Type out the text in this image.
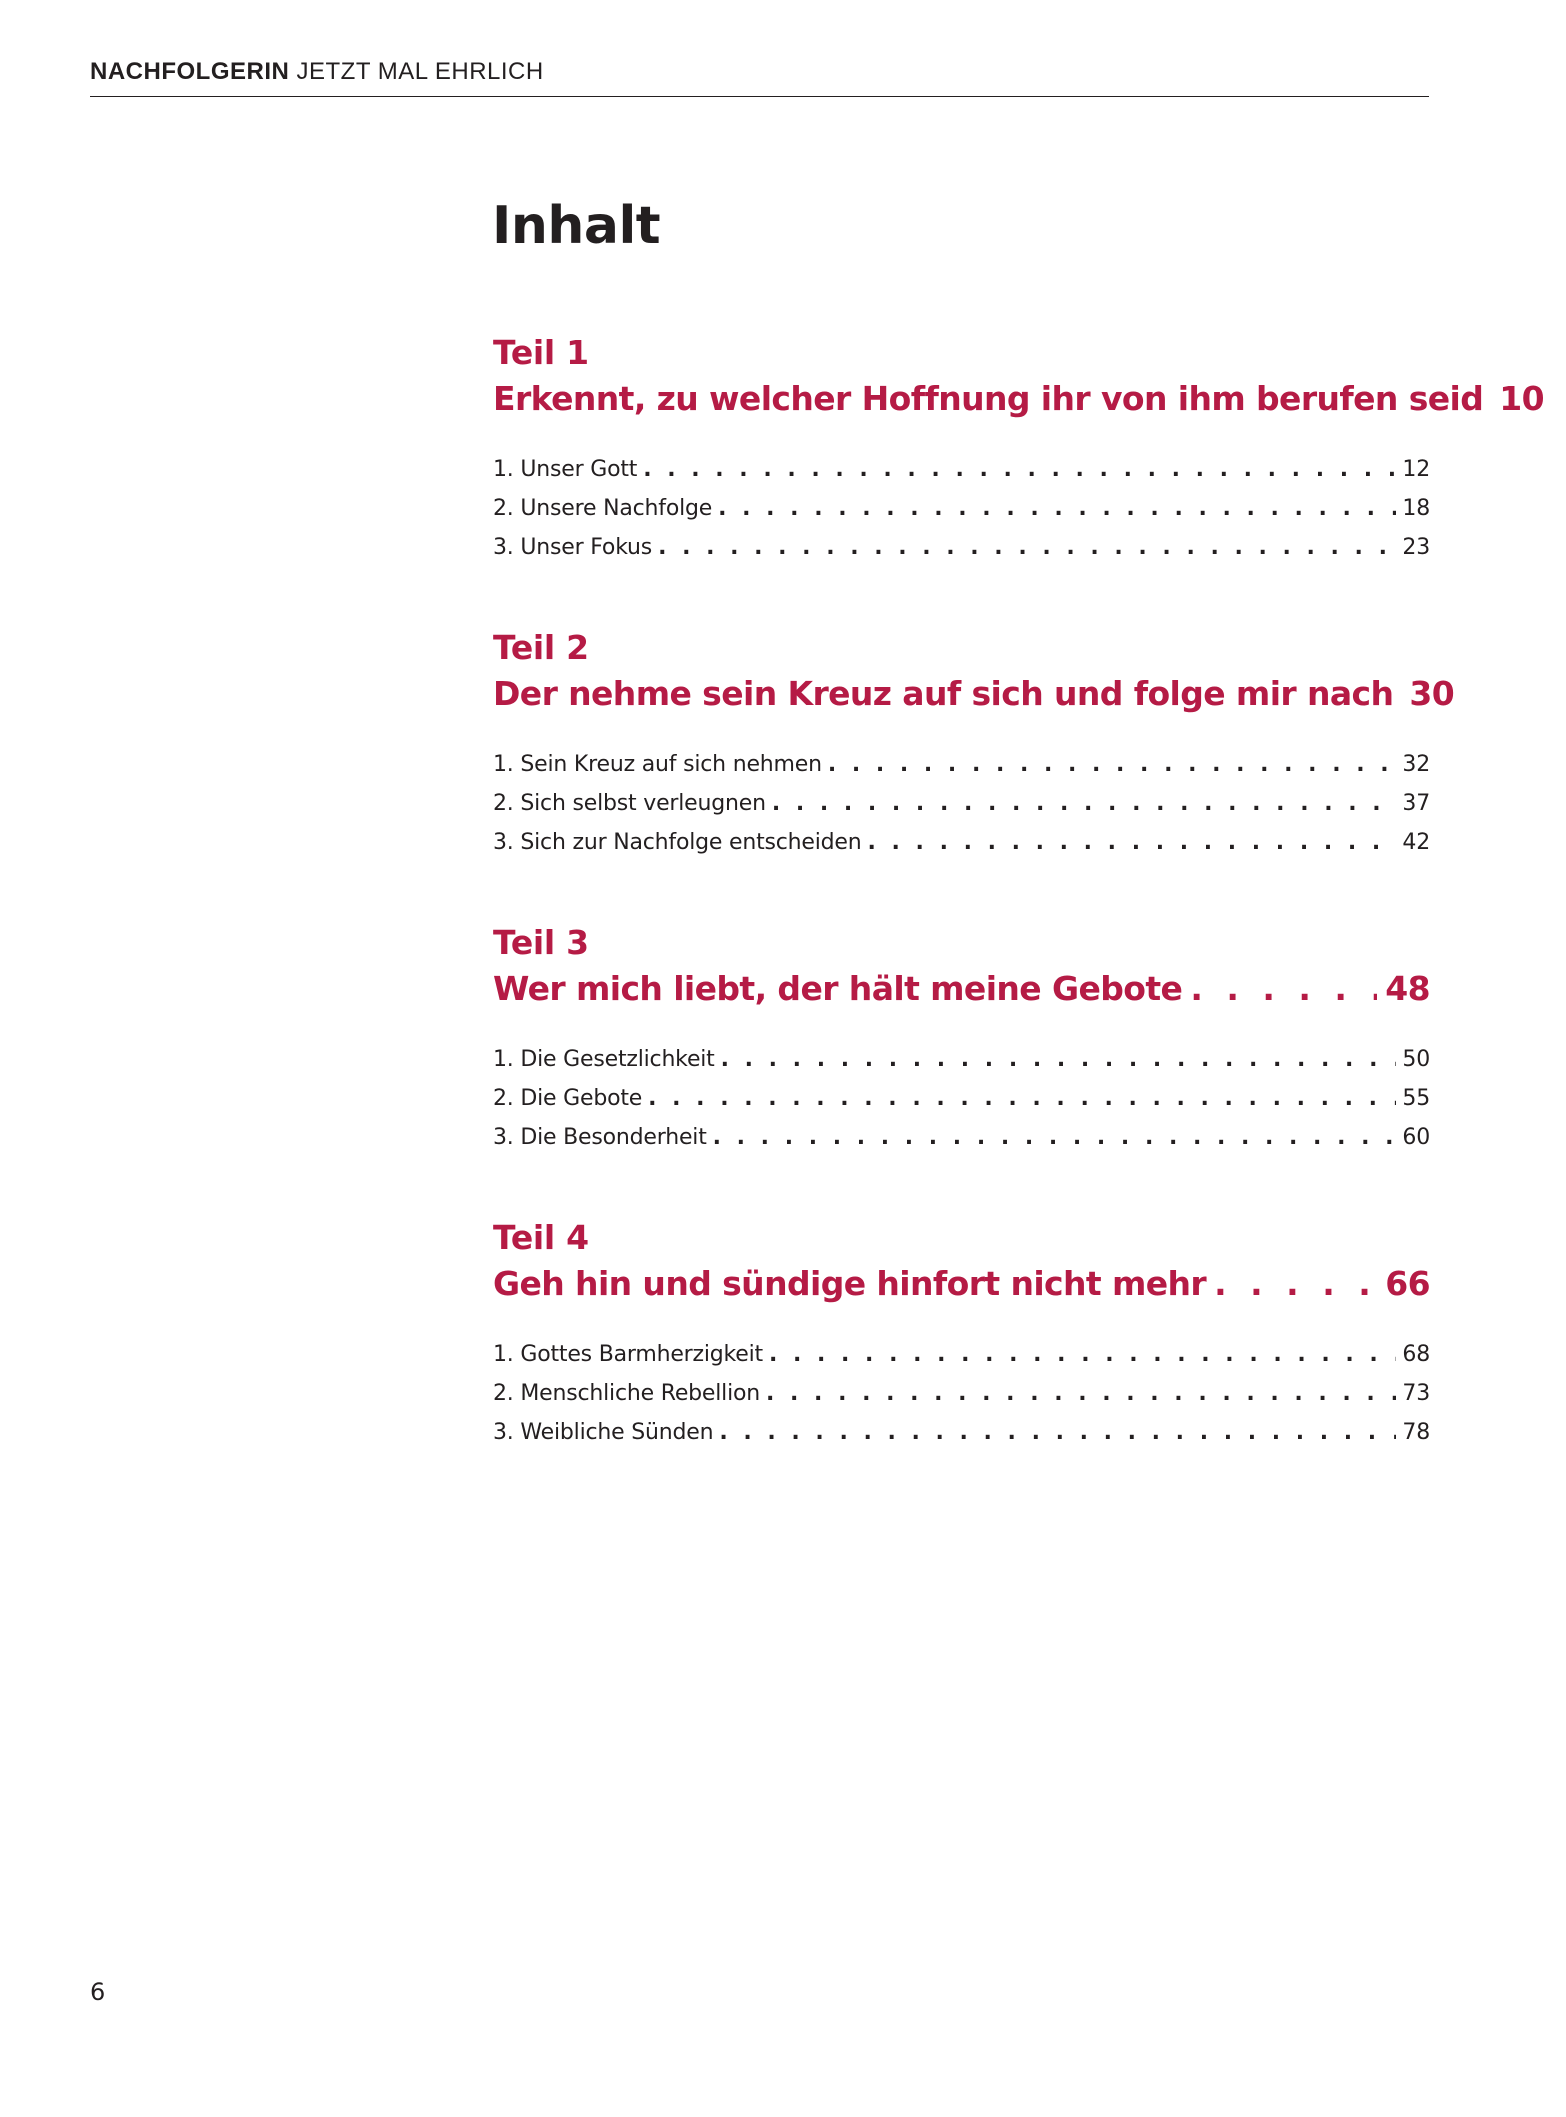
NACHFOLGERIN JETZT MAL EHRLICH
Inhalt
Teil 1
Erkennt, zu welcher Hoffnung ihr von ihm berufen seid 10
1. Unser Gott . . .	12
2. Unsere Nachfolge . . .	18
3. Unser Fokus . . .	23
Teil 2
Der nehme sein Kreuz auf sich und folge mir nach 30
1. Sein Kreuz auf sich nehmen . . .	32
2. Sich selbst verleugnen . . .	37
3. Sich zur Nachfolge entscheiden . . .	42
Teil 3
Wer mich liebt, der hält meine Gebote . . .	48
1. Die Gesetzlichkeit . . .	50
2. Die Gebote . . .	55
3. Die Besonderheit . . .	60
Teil 4
Geh hin und sündige hinfort nicht mehr . . .	66
1. Gottes Barmherzigkeit . . .	68
2. Menschliche Rebellion . . .	73
3. Weibliche Sünden . . .	78
6
